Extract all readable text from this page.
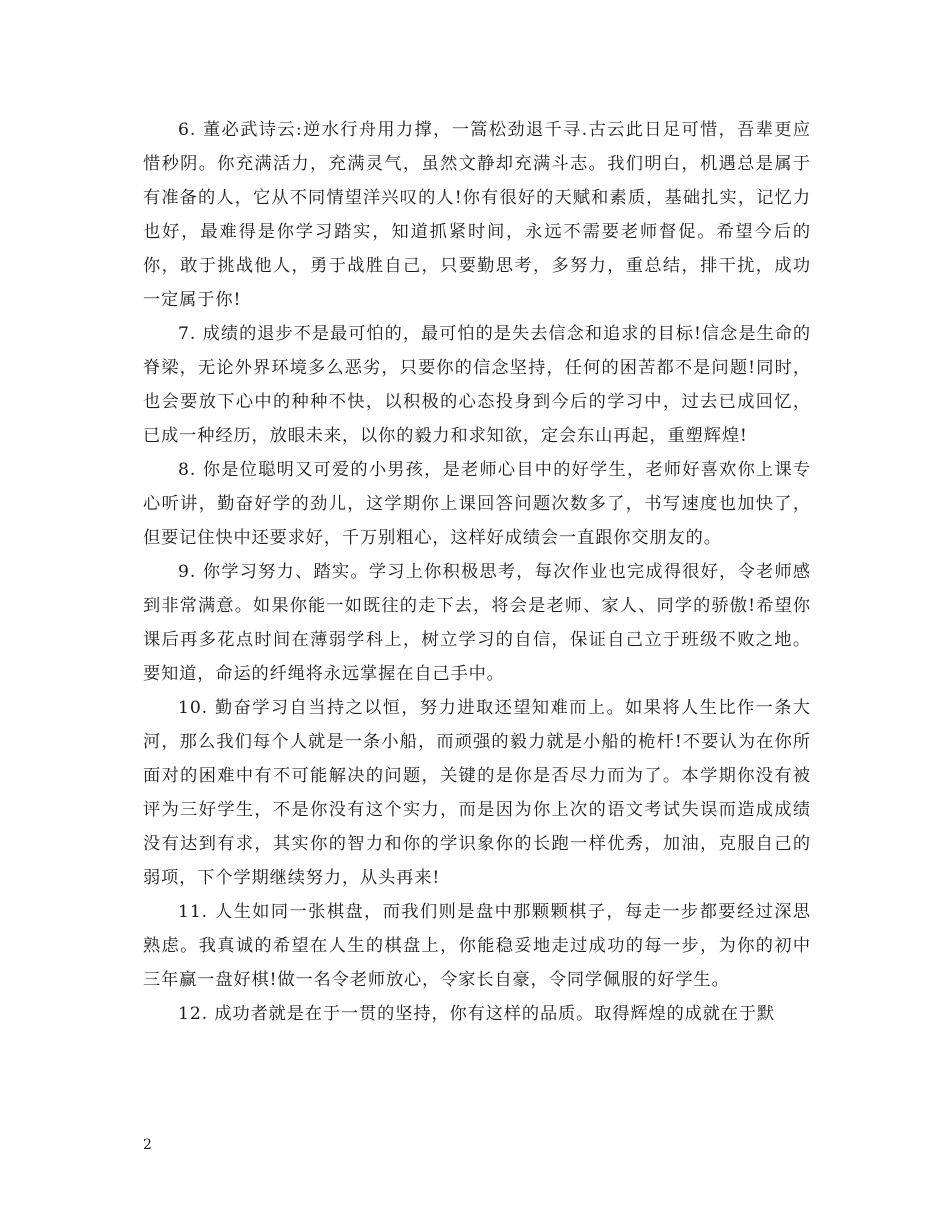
6. 董必武诗云:逆水行舟用力撑，一篙松劲退千寻.古云此日足可惜，吾辈更应惜秒阴。你充满活力，充满灵气，虽然文静却充满斗志。我们明白，机遇总是属于有准备的人，它从不同情望洋兴叹的人!你有很好的天赋和素质，基础扎实，记忆力也好，最难得是你学习踏实，知道抓紧时间，永远不需要老师督促。希望今后的你，敢于挑战他人，勇于战胜自己，只要勤思考，多努力，重总结，排干扰，成功一定属于你!

7. 成绩的退步不是最可怕的，最可怕的是失去信念和追求的目标!信念是生命的脊梁，无论外界环境多么恶劣，只要你的信念坚持，任何的困苦都不是问题!同时，也会要放下心中的种种不快，以积极的心态投身到今后的学习中，过去已成回忆，已成一种经历，放眼未来，以你的毅力和求知欲，定会东山再起，重塑辉煌!

8. 你是位聪明又可爱的小男孩，是老师心目中的好学生，老师好喜欢你上课专心听讲，勤奋好学的劲儿，这学期你上课回答问题次数多了，书写速度也加快了，但要记住快中还要求好，千万别粗心，这样好成绩会一直跟你交朋友的。

9. 你学习努力、踏实。学习上你积极思考，每次作业也完成得很好，令老师感到非常满意。如果你能一如既往的走下去，将会是老师、家人、同学的骄傲!希望你课后再多花点时间在薄弱学科上，树立学习的自信，保证自己立于班级不败之地。要知道，命运的纤绳将永远掌握在自己手中。

10. 勤奋学习自当持之以恒，努力进取还望知难而上。如果将人生比作一条大河，那么我们每个人就是一条小船，而顽强的毅力就是小船的桅杆!不要认为在你所面对的困难中有不可能解决的问题，关键的是你是否尽力而为了。本学期你没有被评为三好学生，不是你没有这个实力，而是因为你上次的语文考试失误而造成成绩没有达到有求，其实你的智力和你的学识象你的长跑一样优秀，加油，克服自己的弱项，下个学期继续努力，从头再来!

11. 人生如同一张棋盘，而我们则是盘中那颗颗棋子，每走一步都要经过深思熟虑。我真诚的希望在人生的棋盘上，你能稳妥地走过成功的每一步，为你的初中三年赢一盘好棋!做一名令老师放心，令家长自豪，令同学佩服的好学生。

12. 成功者就是在于一贯的坚持，你有这样的品质。取得辉煌的成就在于默

2
